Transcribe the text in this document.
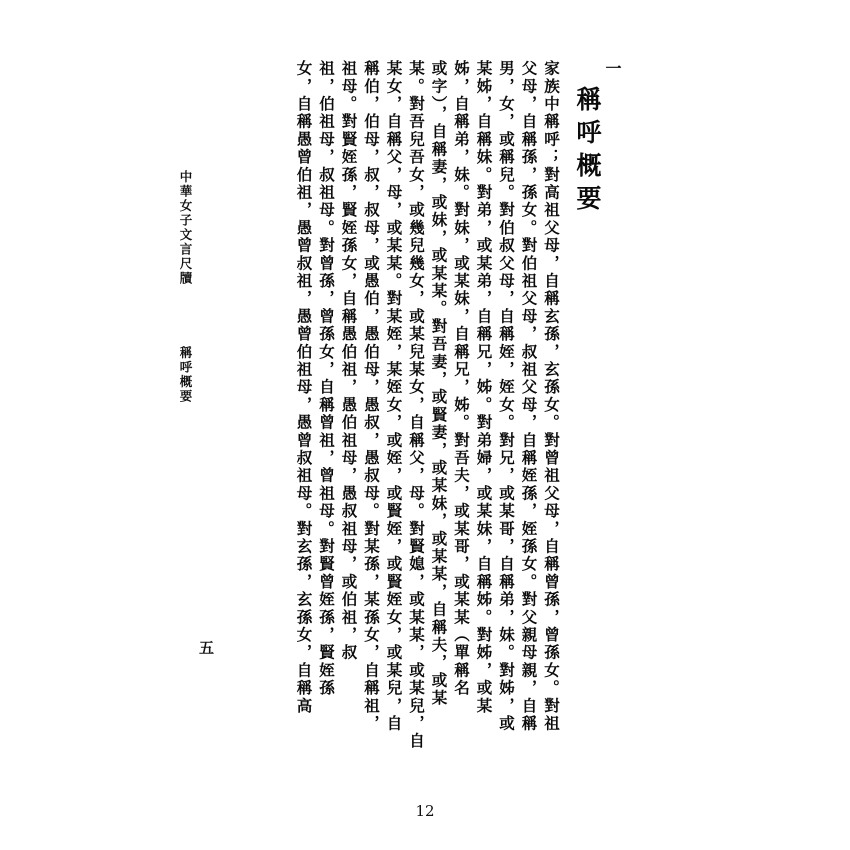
一
稱呼概要
家族中稱呼；對高祖父母，自稱玄孫，玄孫女。對曾祖父母，自稱曾孫，曾孫女。對祖
父母，自稱孫，孫女。對伯祖父母，叔祖父母，自稱姪孫，姪孫女。對父親母親，自稱
男，女，或稱兒。對伯叔父母，自稱姪，姪女。對兄，或某哥，自稱弟，妹。對姊，或
某姊，自稱妹。對弟，或某弟，自稱兄，姊。對弟婦，或某妹，自稱姊。對姊，或某
姊，自稱弟，妹。對妹，或某妹，自稱兄，姊。對吾夫，或某哥，或某某（單稱名
或字），自稱妻，或妹，或某某。對吾妻，或賢妻，或某妹，或某某，自稱夫，或某
某。對吾兒吾女，或幾兒幾女，或某兒某女，自稱父，母。對賢媳，或某某，或某兒，自
某女，自稱父，母，或某某。對某姪，某姪女，或姪，或賢姪，或賢姪女，或某兒，自
稱伯，伯母，叔，叔母，或愚伯，愚伯母，愚叔，愚叔母。對某孫，某孫女，自稱祖，
祖母。對賢姪孫，賢姪孫女，自稱愚伯祖，愚伯祖母，愚叔祖母，或伯祖，叔
祖，伯祖母，叔祖母。對曾孫，曾孫女，自稱曾祖，曾祖母。對賢曾姪孫，賢姪孫
女，自稱愚曾伯祖，愚曾叔祖，愚曾伯祖母，愚曾叔祖母。對玄孫，玄孫女，自稱高
中華女子文言尺牘  稱呼概要
五
12
